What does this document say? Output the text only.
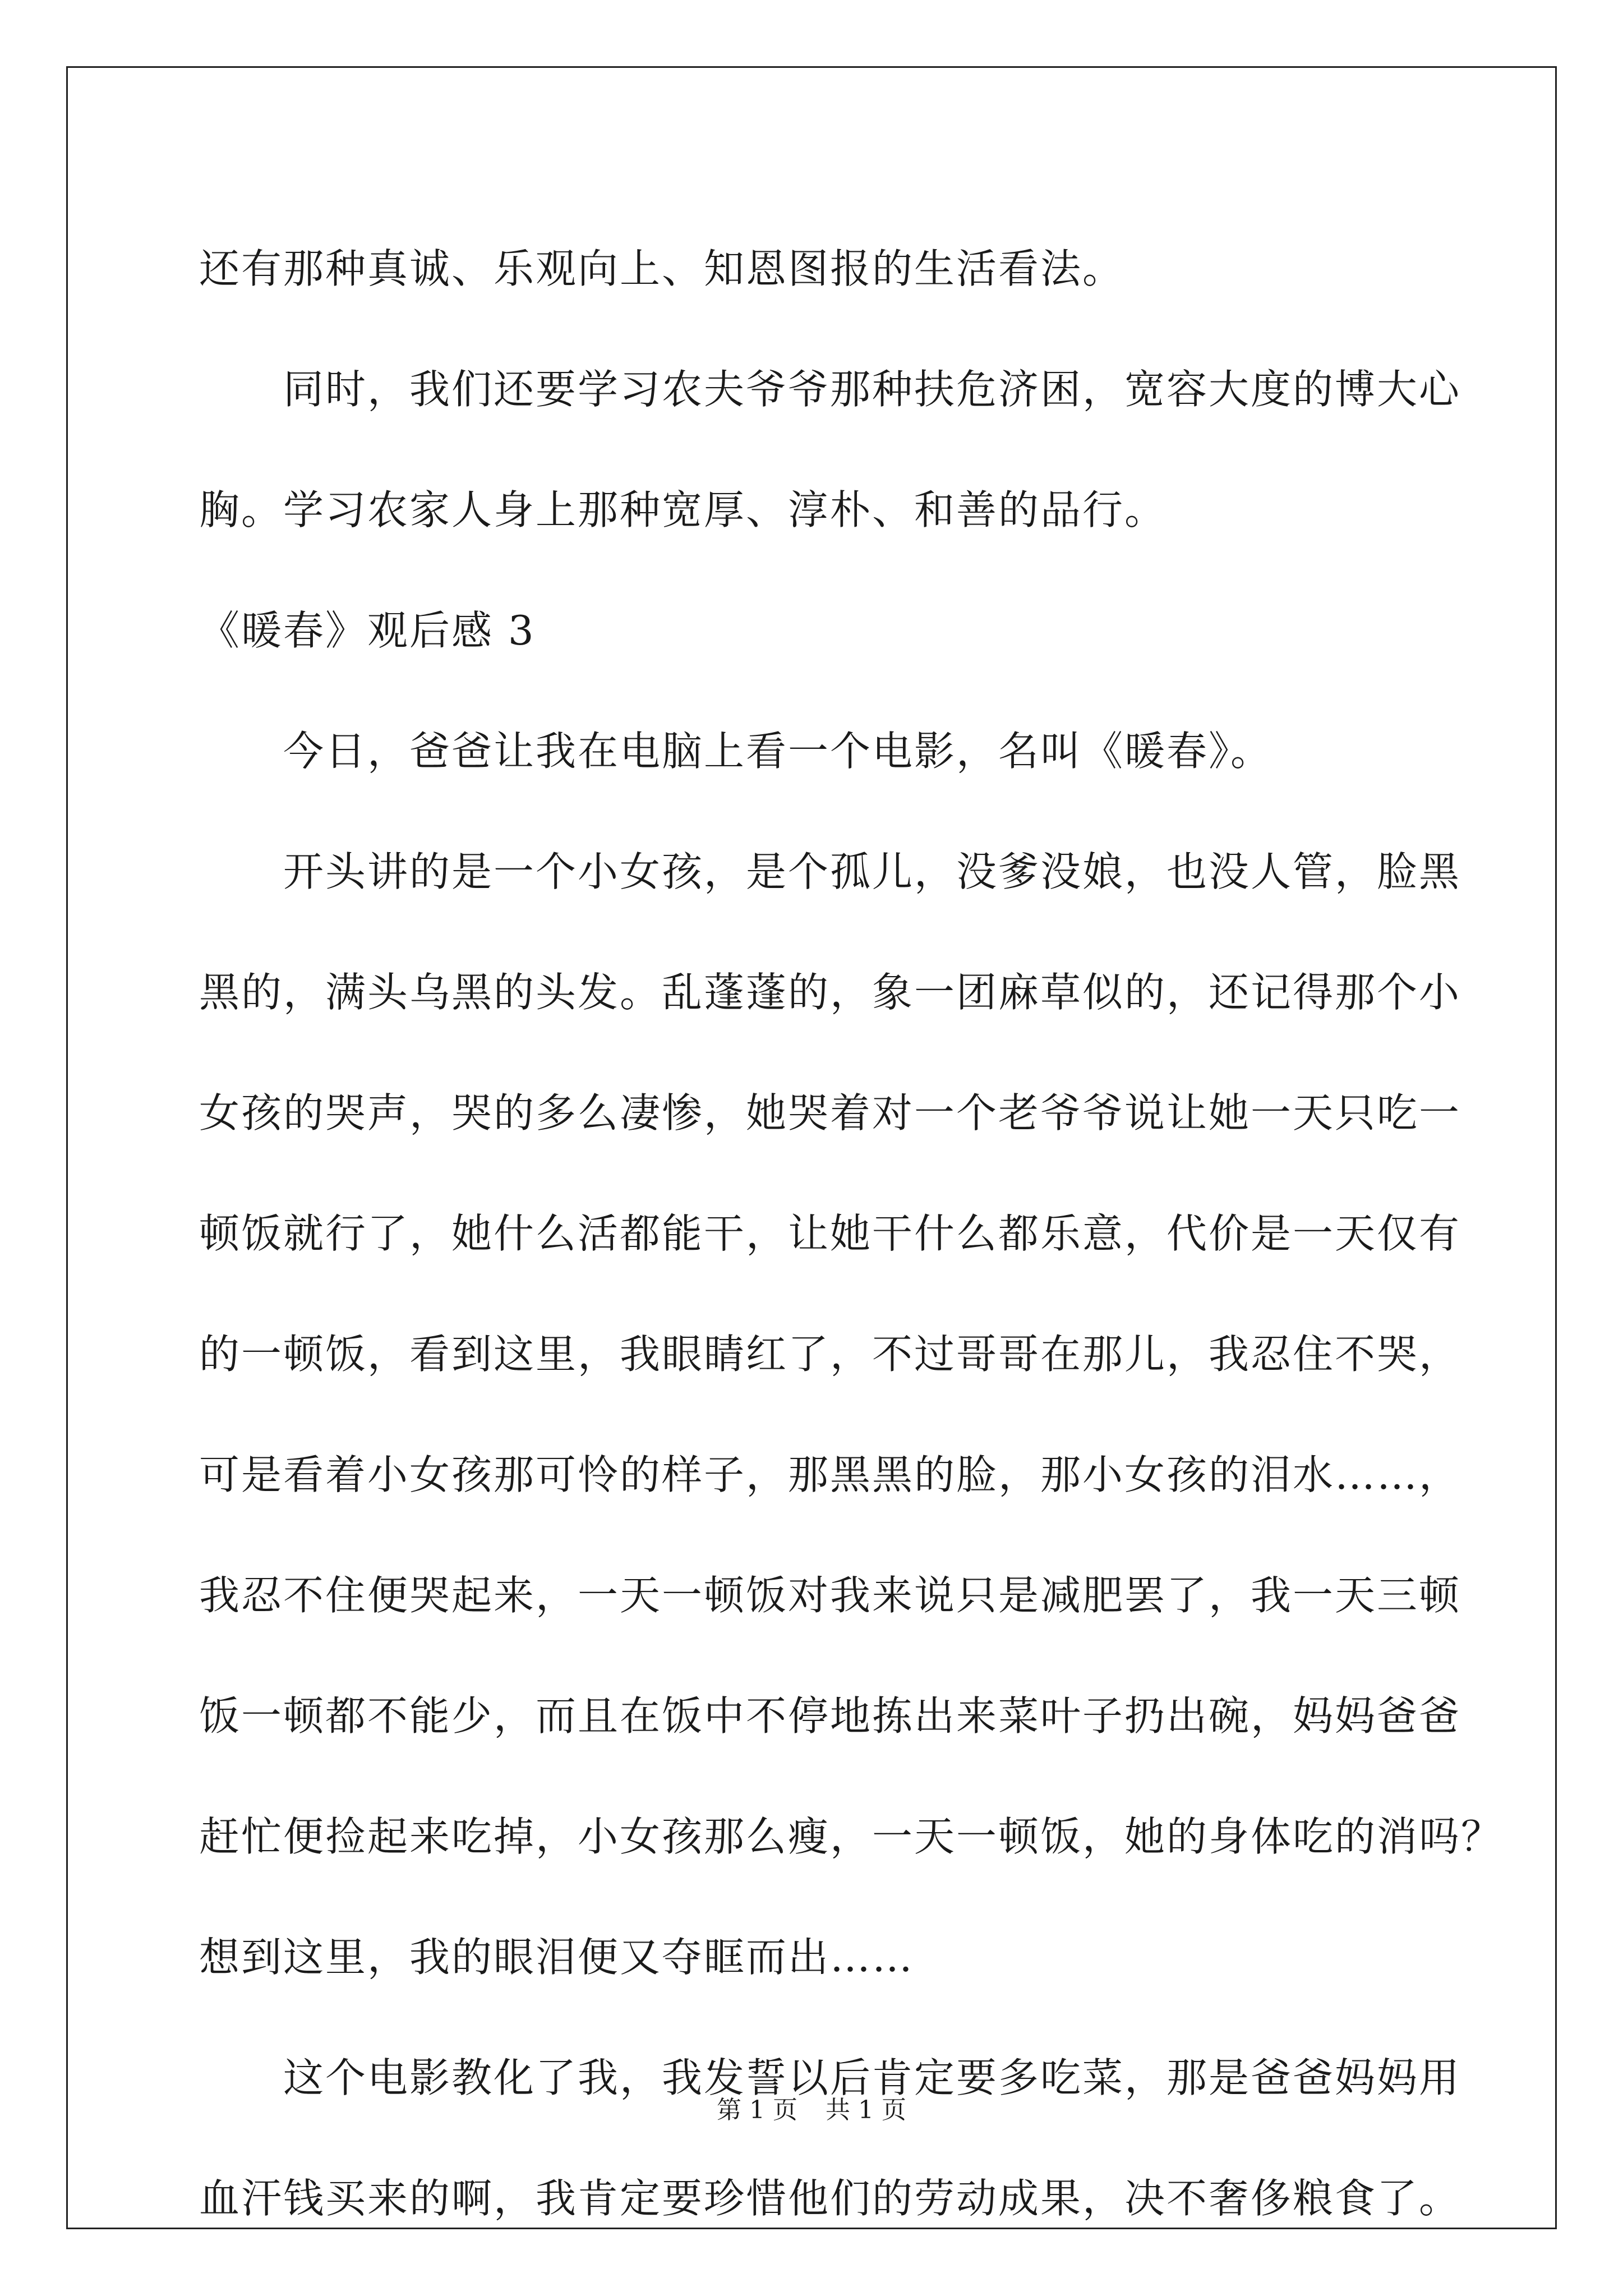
还有那种真诚、乐观向上、知恩图报的生活看法。
同时，我们还要学习农夫爷爷那种扶危济困，宽容大度的博大心
胸。学习农家人身上那种宽厚、淳朴、和善的品行。
《暖春》观后感 3
今日，爸爸让我在电脑上看一个电影，名叫《暖春》。
开头讲的是一个小女孩，是个孤儿，没爹没娘，也没人管，脸黑
黑的，满头乌黑的头发。乱蓬蓬的，象一团麻草似的，还记得那个小
女孩的哭声，哭的多么凄惨，她哭着对一个老爷爷说让她一天只吃一
顿饭就行了，她什么活都能干，让她干什么都乐意，代价是一天仅有
的一顿饭，看到这里，我眼睛红了，不过哥哥在那儿，我忍住不哭，
可是看着小女孩那可怜的样子，那黑黑的脸，那小女孩的泪水……，
我忍不住便哭起来，一天一顿饭对我来说只是减肥罢了，我一天三顿
饭一顿都不能少，而且在饭中不停地拣出来菜叶子扔出碗，妈妈爸爸
赶忙便捡起来吃掉，小女孩那么瘦，一天一顿饭，她的身体吃的消吗？
想到这里，我的眼泪便又夺眶而出……
这个电影教化了我，我发誓以后肯定要多吃菜，那是爸爸妈妈用
血汗钱买来的啊，我肯定要珍惜他们的劳动成果，决不奢侈粮食了。
第 1 页 共 1 页
